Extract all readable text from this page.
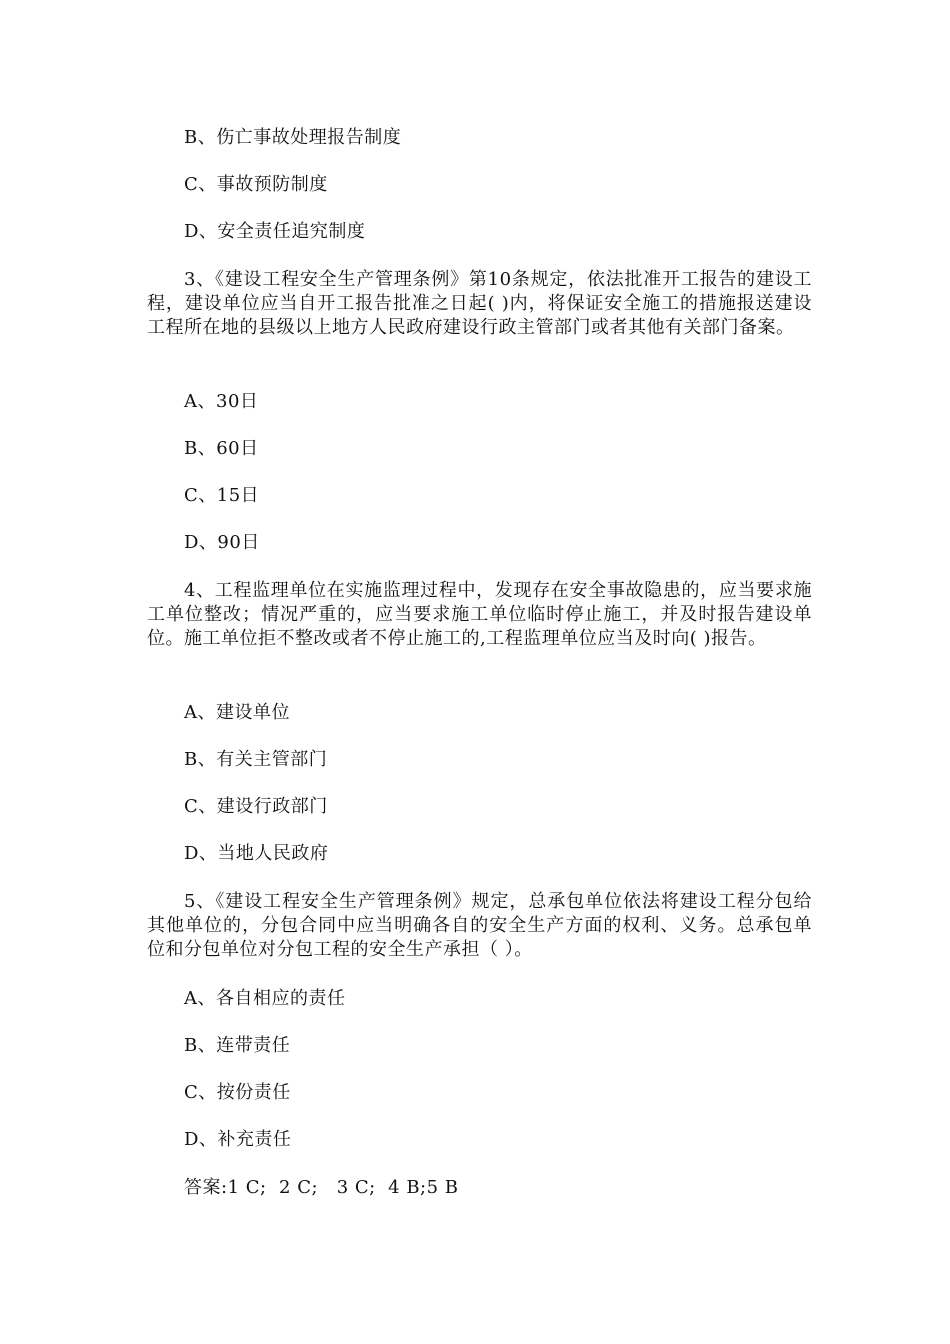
B、伤亡事故处理报告制度
C、事故预防制度
D、安全责任追究制度
3、《建设工程安全生产管理条例》第10条规定，依法批准开工报告的建设工程，建设单位应当自开工报告批准之日起( )内，将保证安全施工的措施报送建设工程所在地的县级以上地方人民政府建设行政主管部门或者其他有关部门备案。
A、30日
B、60日
C、15日
D、90日
4、工程监理单位在实施监理过程中，发现存在安全事故隐患的，应当要求施工单位整改；情况严重的，应当要求施工单位临时停止施工，并及时报告建设单位。施工单位拒不整改或者不停止施工的,工程监理单位应当及时向( )报告。
A、建设单位
B、有关主管部门
C、建设行政部门
D、当地人民政府
5、《建设工程安全生产管理条例》规定，总承包单位依法将建设工程分包给其他单位的，分包合同中应当明确各自的安全生产方面的权利、义务。总承包单位和分包单位对分包工程的安全生产承担（ ）。
A、各自相应的责任
B、连带责任
C、按份责任
D、补充责任
答案:1 C;  2 C;   3 C;  4 B;5 B
